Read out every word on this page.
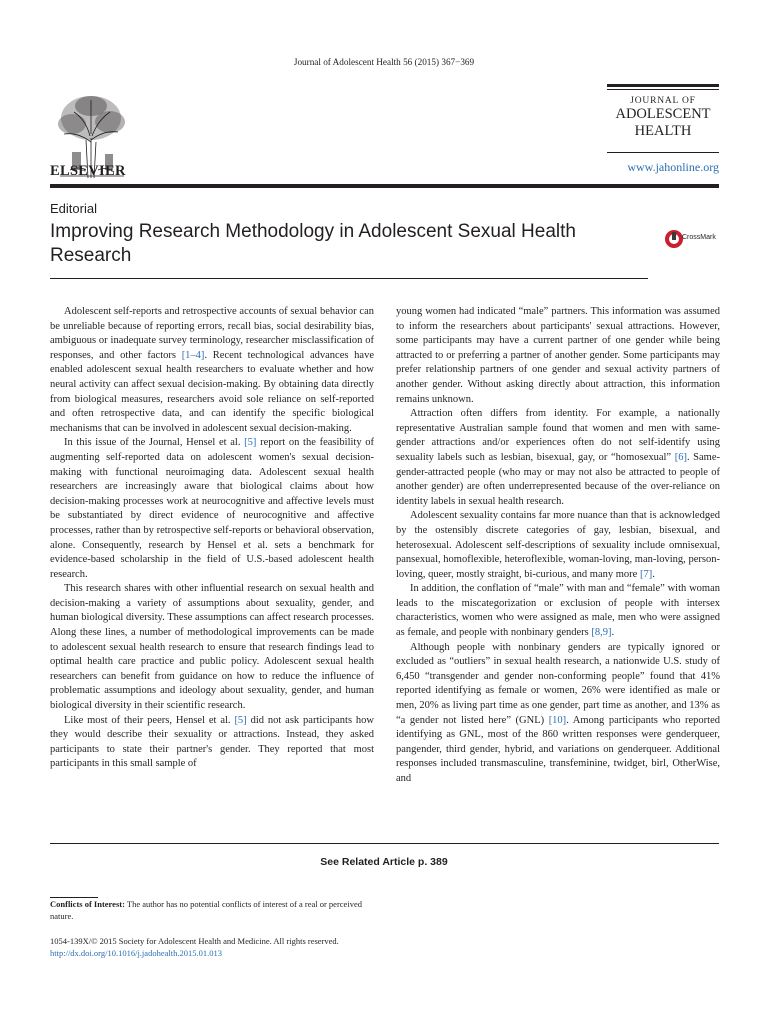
Journal of Adolescent Health 56 (2015) 367−369
ELSEVIER
JOURNAL OF
ADOLESCENT
HEALTH
www.jahonline.org
Editorial
Improving Research Methodology in Adolescent Sexual Health Research
CrossMark

Adolescent self-reports and retrospective accounts of sexual behavior can be unreliable because of reporting errors, recall bias, social desirability bias, ambiguous or inadequate survey terminology, researcher misclassification of responses, and other factors [1–4]. Recent technological advances have enabled adolescent sexual health researchers to evaluate whether and how neural activity can affect sexual decision-making. By obtaining data directly from biological measures, researchers avoid sole reliance on self-reported and often retrospective data, and can identify the specific biological mechanisms that can be involved in adolescent sexual decision-making.

In this issue of the Journal, Hensel et al. [5] report on the feasibility of augmenting self-reported data on adolescent women's sexual decision-making with functional neuroimaging data. Adolescent sexual health researchers are increasingly aware that biological claims about how decision-making processes work at neurocognitive and affective levels must be substantiated by direct evidence of neurocognitive and affective processes, rather than by retrospective self-reports or behavioral observation, alone. Consequently, research by Hensel et al. sets a benchmark for evidence-based scholarship in the field of U.S.-based adolescent health research.

This research shares with other influential research on sexual health and decision-making a variety of assumptions about sexuality, gender, and human biological diversity. These assumptions can affect research processes. Along these lines, a number of methodological improvements can be made to adolescent sexual health research to ensure that research findings lead to optimal health care practice and public policy. Adolescent sexual health researchers can benefit from guidance on how to reduce the influence of problematic assumptions and ideology about sexuality, gender, and human biological diversity in their scientific research.

Like most of their peers, Hensel et al. [5] did not ask participants how they would describe their sexuality or attractions. Instead, they asked participants to state their partner's gender. They reported that most participants in this small sample of

young women had indicated “male” partners. This information was assumed to inform the researchers about participants' sexual attractions. However, some participants may have a current partner of one gender while being attracted to or preferring a partner of another gender. Some participants may prefer relationship partners of one gender and sexual activity partners of another gender. Without asking directly about attraction, this information remains unknown.

Attraction often differs from identity. For example, a nationally representative Australian sample found that women and men with same-gender attractions and/or experiences often do not self-identify using sexuality labels such as lesbian, bisexual, gay, or “homosexual” [6]. Same-gender-attracted people (who may or may not also be attracted to people of another gender) are often underrepresented because of the over-reliance on identity labels in sexual health research.

Adolescent sexuality contains far more nuance than that is acknowledged by the ostensibly discrete categories of gay, lesbian, bisexual, and heterosexual. Adolescent self-descriptions of sexuality include omnisexual, pansexual, homoflexible, heteroflexible, woman-loving, man-loving, person-loving, queer, mostly straight, bi-curious, and many more [7].

In addition, the conflation of “male” with man and “female” with woman leads to the miscategorization or exclusion of people with intersex characteristics, women who were assigned as male, men who were assigned as female, and people with nonbinary genders [8,9].

Although people with nonbinary genders are typically ignored or excluded as “outliers” in sexual health research, a nationwide U.S. study of 6,450 “transgender and gender non-conforming people” found that 41% reported identifying as female or women, 26% were identified as male or men, 20% as living part time as one gender, part time as another, and 13% as “a gender not listed here” (GNL) [10]. Among participants who reported identifying as GNL, most of the 860 written responses were genderqueer, pangender, third gender, hybrid, and variations on genderqueer. Additional responses included transmasculine, transfeminine, twidget, birl, OtherWise, and

See Related Article p. 389
Conflicts of Interest: The author has no potential conflicts of interest of a real or perceived nature.
1054-139X/© 2015 Society for Adolescent Health and Medicine. All rights reserved.
http://dx.doi.org/10.1016/j.jadohealth.2015.01.013
